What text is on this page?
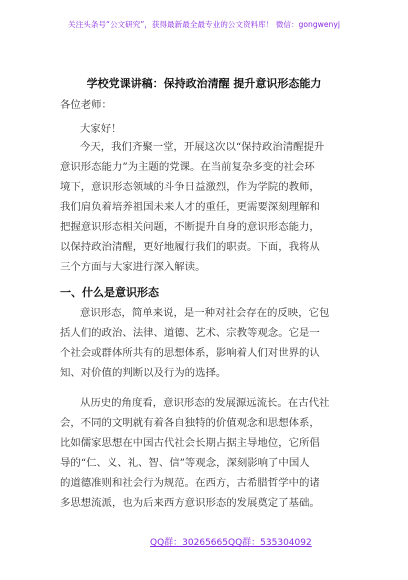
关注头条号“公文研究”，获得最新最全最专业的公文资料库！ 微信：gongwenyj
学校党课讲稿：保持政治清醒 提升意识形态能力
各位老师：
大家好！
今天，我们齐聚一堂，开展这次以“保持政治清醒提升
意识形态能力”为主题的党课。在当前复杂多变的社会环
境下，意识形态领域的斗争日益激烈，作为学院的教师，
我们肩负着培养祖国未来人才的重任，更需要深刻理解和
把握意识形态相关问题，不断提升自身的意识形态能力，
以保持政治清醒，更好地履行我们的职责。下面，我将从
三个方面与大家进行深入解读。
一、什么是意识形态
意识形态，简单来说，是一种对社会存在的反映，它包
括人们的政治、法律、道德、艺术、宗教等观念。它是一
个社会或群体所共有的思想体系，影响着人们对世界的认
知、对价值的判断以及行为的选择。
从历史的角度看，意识形态的发展源远流长。在古代社
会，不同的文明就有着各自独特的价值观念和思想体系，
比如儒家思想在中国古代社会长期占据主导地位，它所倡
导的“仁、义、礼、智、信”等观念，深刻影响了中国人
的道德准则和社会行为规范。在西方，古希腊哲学中的诸
多思想流派，也为后来西方意识形态的发展奠定了基础。
QQ群：30265665 QQ群：535304092
